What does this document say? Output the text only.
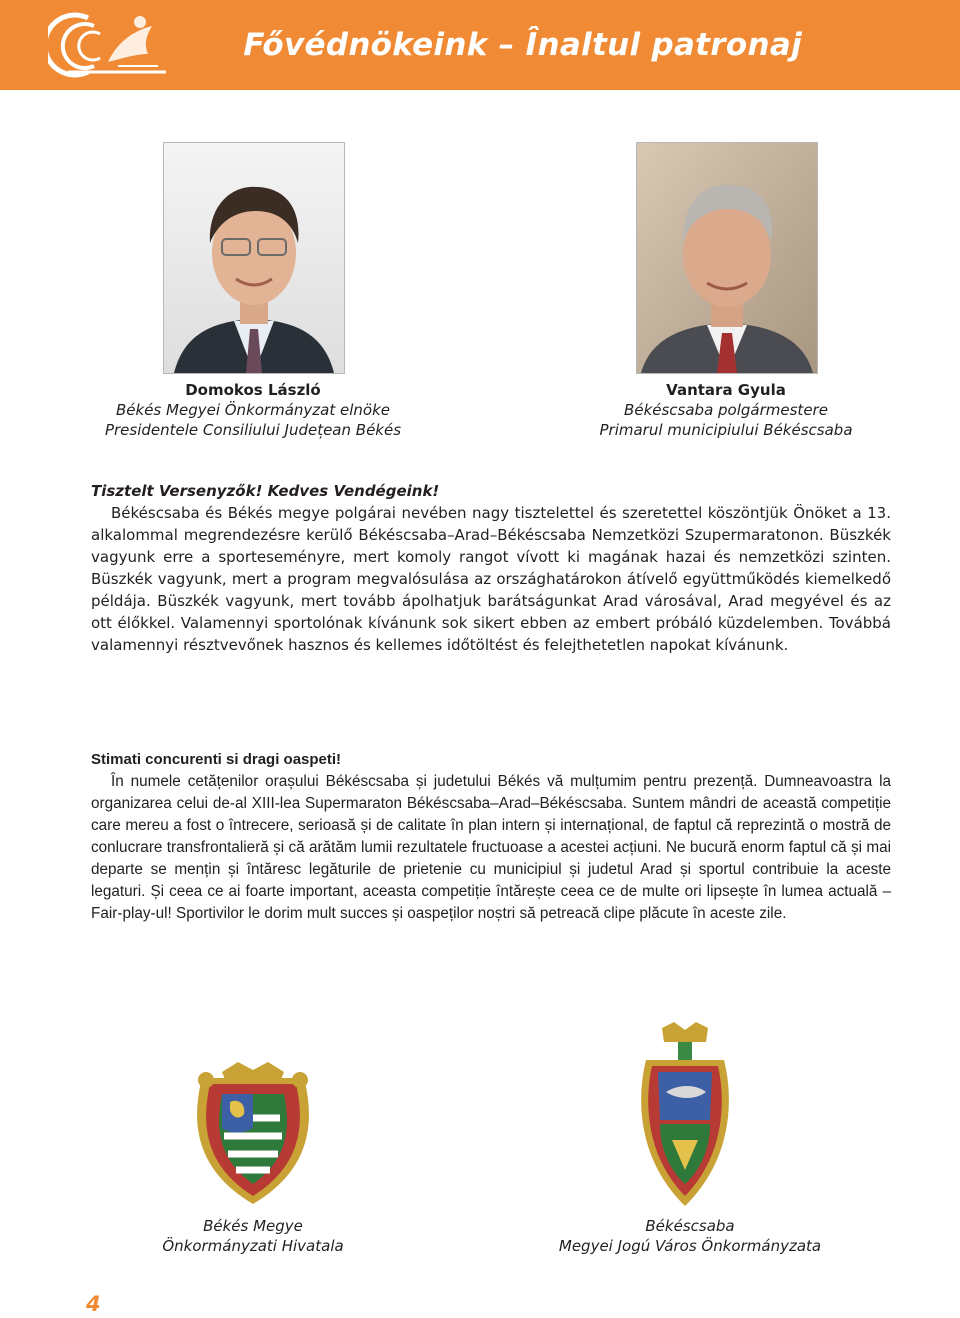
Fővédnökeink – Înaltul patronaj
Domokos László
Békés Megyei Önkormányzat elnöke
Presidentele Consiliului Județean Békés
Vantara Gyula
Békéscsaba polgármestere
Primarul municipiului Békéscsaba
Tisztelt Versenyzők! Kedves Vendégeink!

Békéscsaba és Békés megye polgárai nevében nagy tisztelettel és szeretettel köszöntjük Önöket a 13. alkalommal megrendezésre kerülő Békéscsaba–Arad–Békéscsaba Nemzetközi Szupermaratonon. Büszkék vagyunk erre a sporteseményre, mert komoly rangot vívott ki magának hazai és nemzetközi szinten. Büszkék vagyunk, mert a program megvalósulása az országhatárokon átívelő együttműködés kiemelkedő példája. Büszkék vagyunk, mert tovább ápolhatjuk barátságunkat Arad városával, Arad megyével és az ott élőkkel. Valamennyi sportolónak kívánunk sok sikert ebben az embert próbáló küzdelemben. Továbbá valamennyi résztvevőnek hasznos és kellemes időtöltést és felejthetetlen napokat kívánunk.

Stimati concurenti si dragi oaspeti!

În numele cetățenilor orașului Békéscsaba și judetului Békés vă mulțumim pentru prezență. Dumneavoastra la organizarea celui de-al XIII-lea Supermaraton Békéscsaba–Arad–Békéscsaba. Suntem mândri de această competiție care mereu a fost o întrecere, serioasă și de calitate în plan intern și internațional, de faptul că reprezintă o mostră de conlucrare transfrontalieră și că arătăm lumii rezultatele fructuoase a acestei acțiuni. Ne bucură enorm faptul că și mai departe se mențin și întăresc legăturile de prietenie cu municipiul și judetul Arad și sportul contribuie la aceste legaturi. Și ceea ce ai foarte important, aceasta competiție întărește ceea ce de multe ori lipsește în lumea actuală – Fair-play-ul! Sportivilor le dorim mult succes și oaspeților noștri să petreacă clipe plăcute în aceste zile.

Békés Megye
Önkormányzati Hivatala
Békéscsaba
Megyei Jogú Város Önkormányzata
4
